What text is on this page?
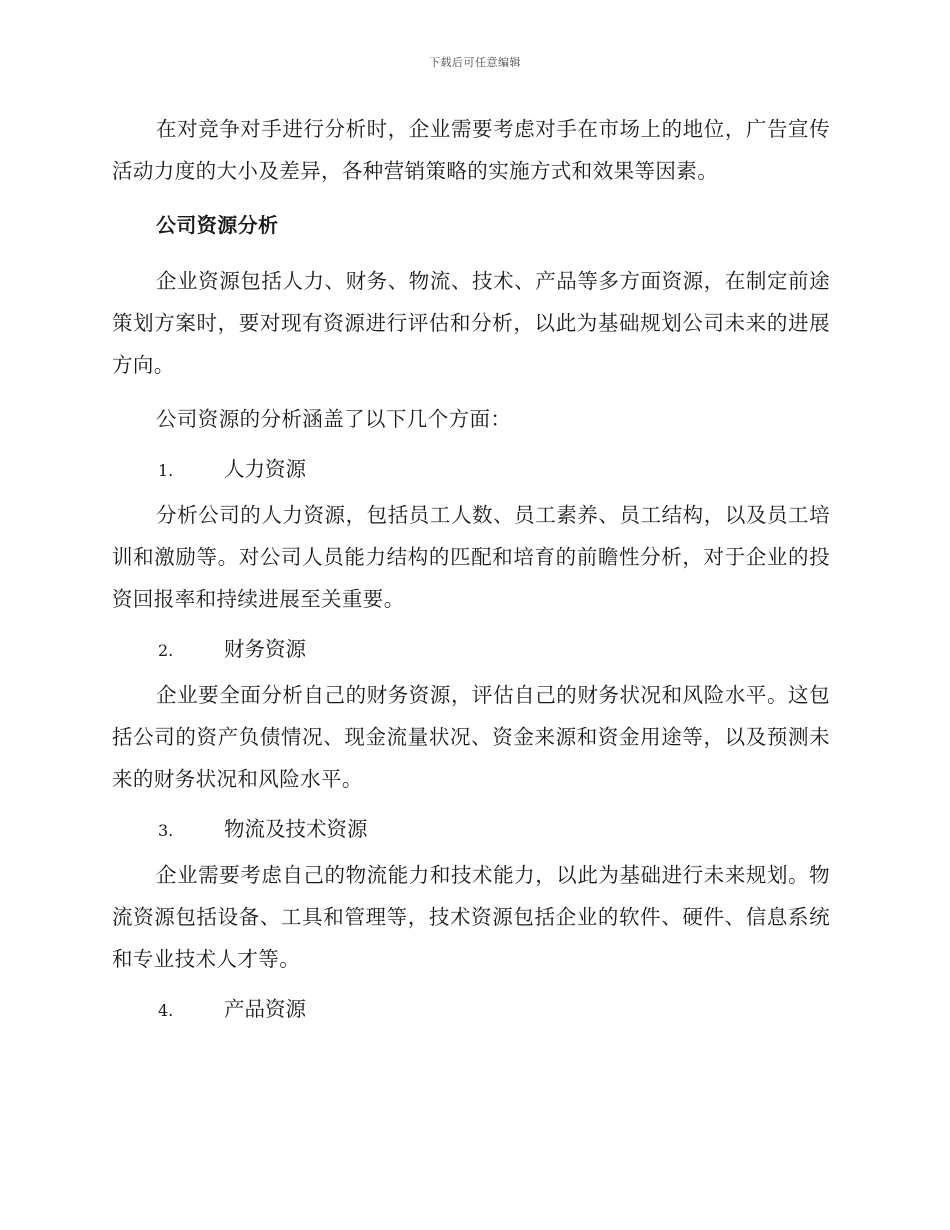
下载后可任意编辑

在对竞争对手进行分析时，企业需要考虑对手在市场上的地位，广告宣传活动力度的大小及差异，各种营销策略的实施方式和效果等因素。

公司资源分析

企业资源包括人力、财务、物流、技术、产品等多方面资源，在制定前途策划方案时，要对现有资源进行评估和分析，以此为基础规划公司未来的进展方向。

公司资源的分析涵盖了以下几个方面：

1.	人力资源

分析公司的人力资源，包括员工人数、员工素养、员工结构，以及员工培训和激励等。对公司人员能力结构的匹配和培育的前瞻性分析，对于企业的投资回报率和持续进展至关重要。

2.	财务资源

企业要全面分析自己的财务资源，评估自己的财务状况和风险水平。这包括公司的资产负债情况、现金流量状况、资金来源和资金用途等，以及预测未来的财务状况和风险水平。

3.	物流及技术资源

企业需要考虑自己的物流能力和技术能力，以此为基础进行未来规划。物流资源包括设备、工具和管理等，技术资源包括企业的软件、硬件、信息系统和专业技术人才等。

4.	产品资源
